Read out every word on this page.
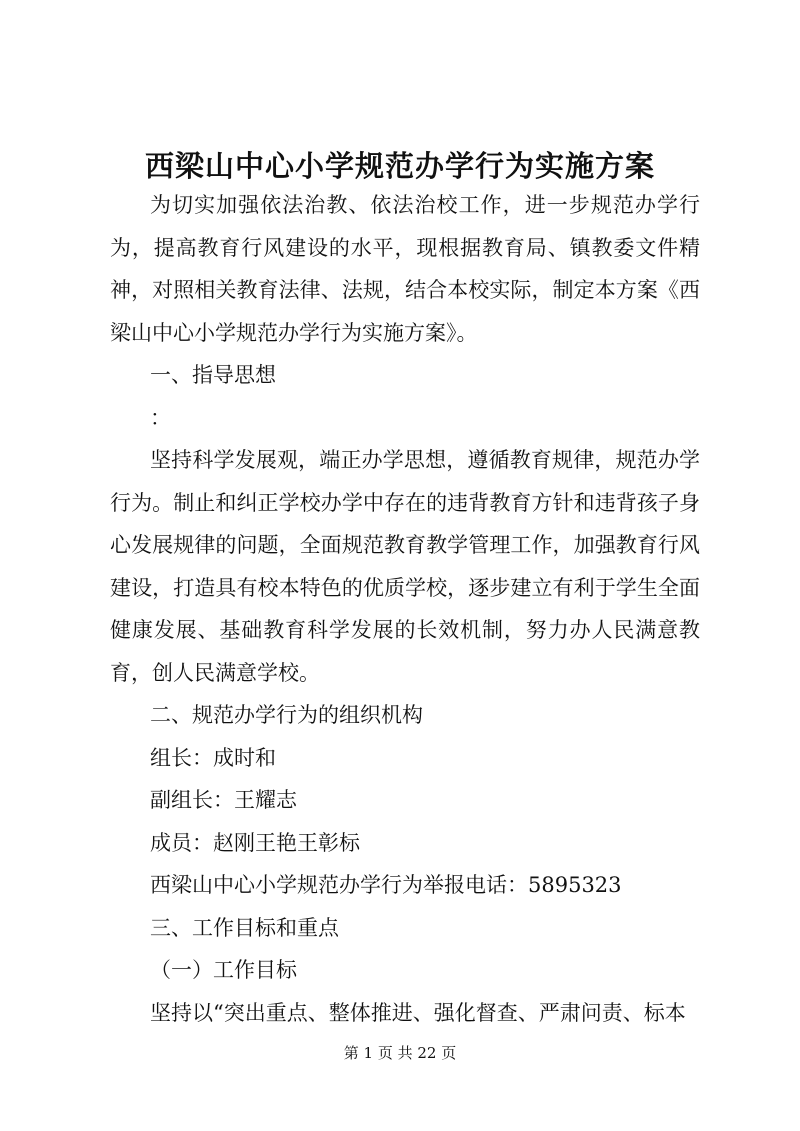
西梁山中心小学规范办学行为实施方案

为切实加强依法治教、依法治校工作，进一步规范办学行为，提高教育行风建设的水平，现根据教育局、镇教委文件精神，对照相关教育法律、法规，结合本校实际，制定本方案《西梁山中心小学规范办学行为实施方案》。

一、指导思想

：

坚持科学发展观，端正办学思想，遵循教育规律，规范办学行为。制止和纠正学校办学中存在的违背教育方针和违背孩子身心发展规律的问题，全面规范教育教学管理工作，加强教育行风建设，打造具有校本特色的优质学校，逐步建立有利于学生全面健康发展、基础教育科学发展的长效机制，努力办人民满意教育，创人民满意学校。

二、规范办学行为的组织机构

组长：成时和

副组长：王耀志

成员：赵刚王艳王彰标

西梁山中心小学规范办学行为举报电话：5895323

三、工作目标和重点

（一）工作目标

坚持以“突出重点、整体推进、强化督查、严肃问责、标本

第 1 页 共 22 页
